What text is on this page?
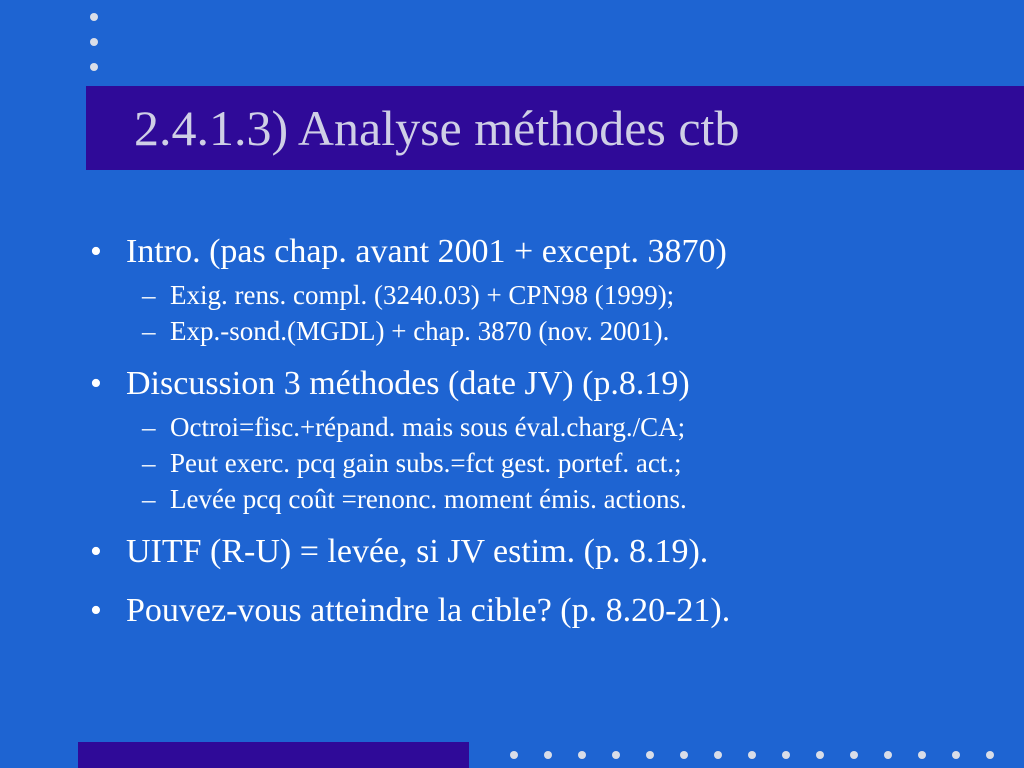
2.4.1.3) Analyse méthodes ctb
• Intro. (pas chap. avant 2001 + except. 3870)
– Exig. rens. compl. (3240.03) + CPN98 (1999);
– Exp.-sond.(MGDL) + chap. 3870 (nov. 2001).
• Discussion 3 méthodes (date JV) (p.8.19)
– Octroi=fisc.+répand. mais sous éval.charg./CA;
– Peut exerc. pcq gain subs.=fct gest. portef. act.;
– Levée pcq coût =renonc. moment émis. actions.
• UITF (R-U) = levée, si JV estim. (p. 8.19).
• Pouvez-vous atteindre la cible? (p. 8.20-21).
